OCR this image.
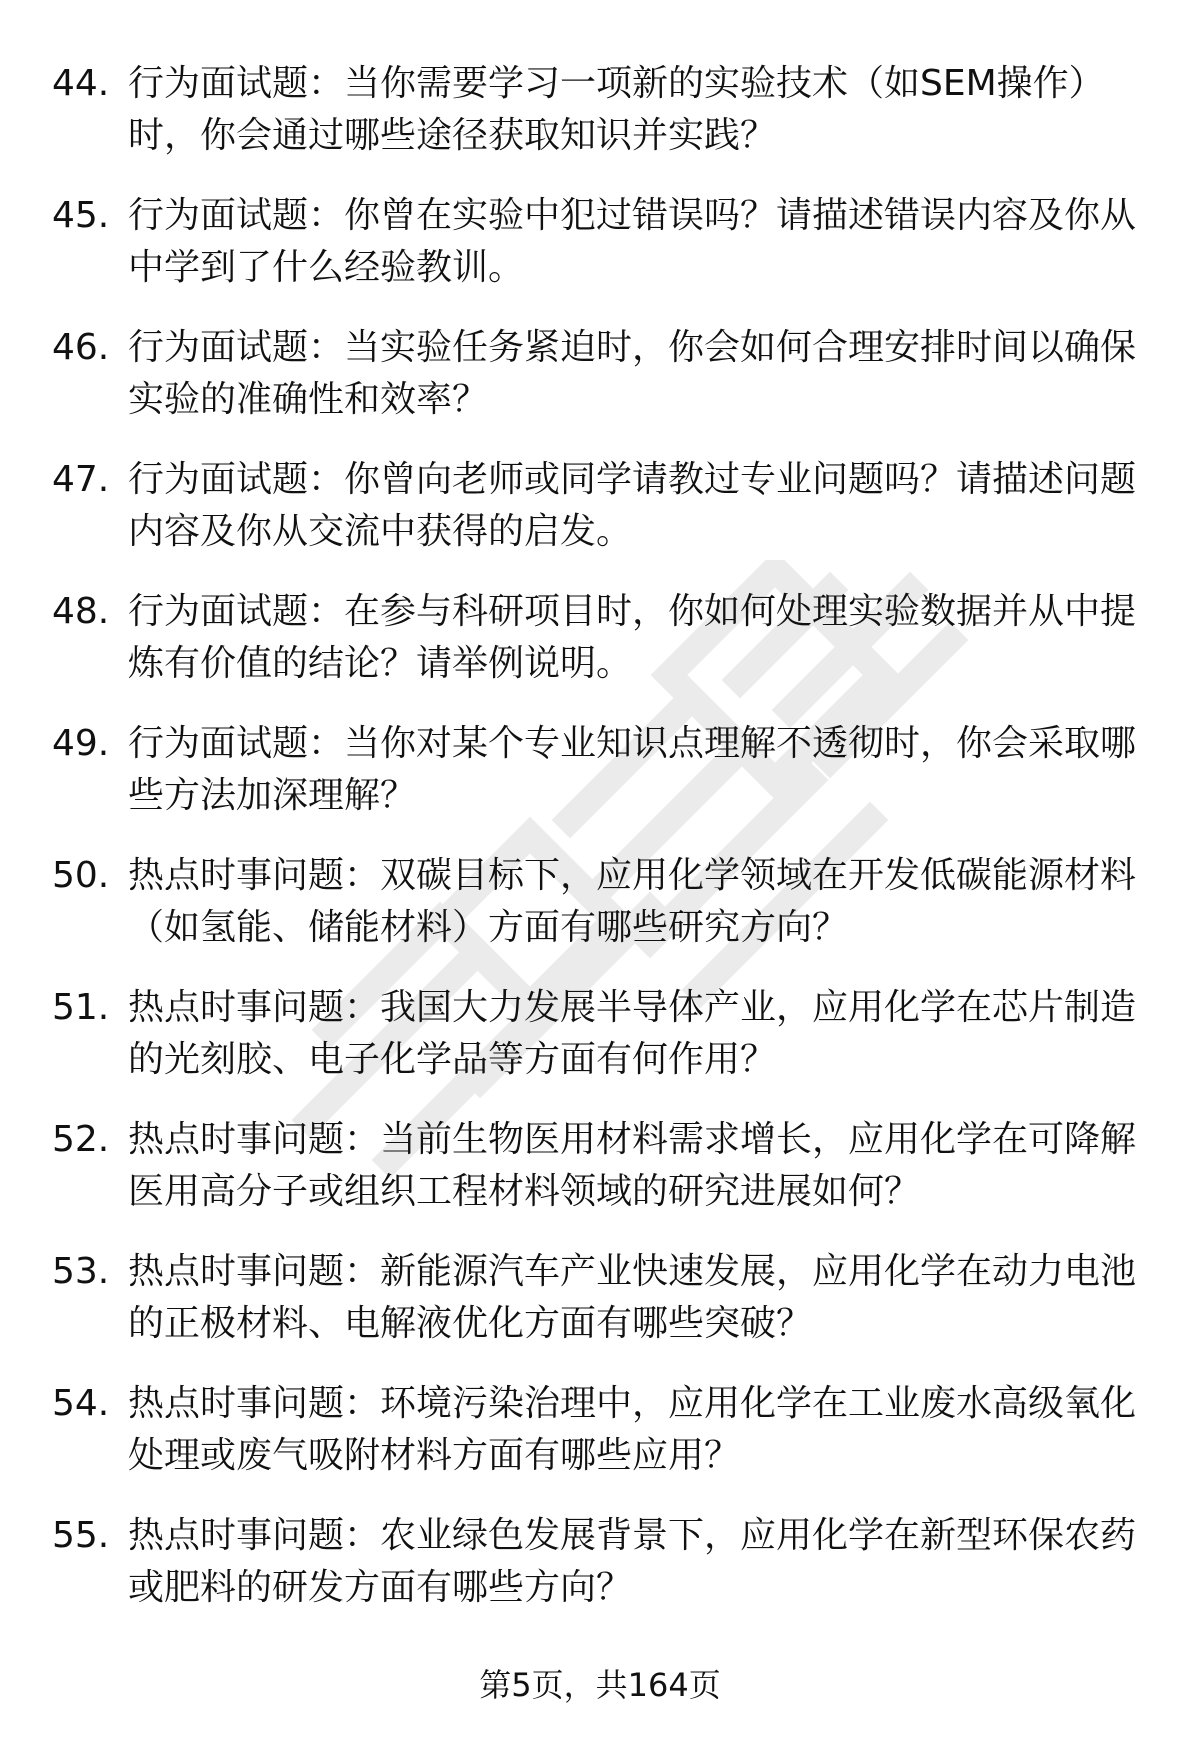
44. 行为面试题：当你需要学习一项新的实验技术（如SEM操作）时，你会通过哪些途径获取知识并实践？
45. 行为面试题：你曾在实验中犯过错误吗？请描述错误内容及你从中学到了什么经验教训。
46. 行为面试题：当实验任务紧迫时，你会如何合理安排时间以确保实验的准确性和效率？
47. 行为面试题：你曾向老师或同学请教过专业问题吗？请描述问题内容及你从交流中获得的启发。
48. 行为面试题：在参与科研项目时，你如何处理实验数据并从中提炼有价值的结论？请举例说明。
49. 行为面试题：当你对某个专业知识点理解不透彻时，你会采取哪些方法加深理解？
50. 热点时事问题：双碳目标下，应用化学领域在开发低碳能源材料（如氢能、储能材料）方面有哪些研究方向？
51. 热点时事问题：我国大力发展半导体产业，应用化学在芯片制造的光刻胶、电子化学品等方面有何作用？
52. 热点时事问题：当前生物医用材料需求增长，应用化学在可降解医用高分子或组织工程材料领域的研究进展如何？
53. 热点时事问题：新能源汽车产业快速发展，应用化学在动力电池的正极材料、电解液优化方面有哪些突破？
54. 热点时事问题：环境污染治理中，应用化学在工业废水高级氧化处理或废气吸附材料方面有哪些应用？
55. 热点时事问题：农业绿色发展背景下，应用化学在新型环保农药或肥料的研发方面有哪些方向？
第5页，共164页
